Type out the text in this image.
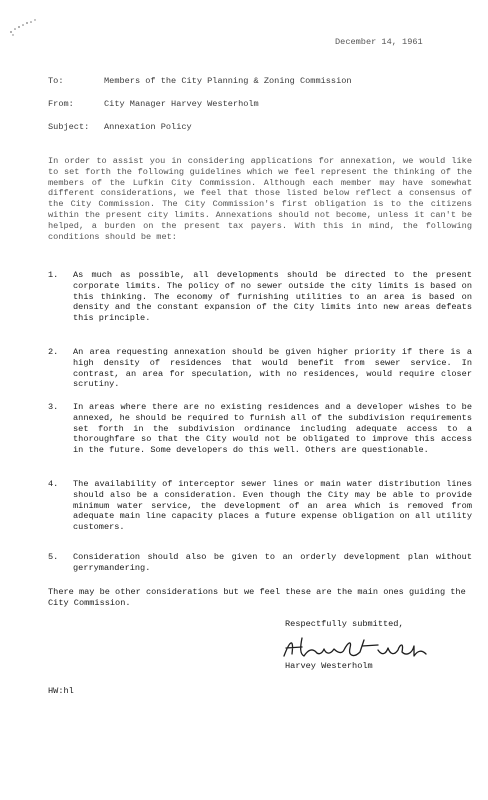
December 14, 1961
To:	Members of the City Planning & Zoning Commission
From:	City Manager Harvey Westerholm
Subject: Annexation Policy
In order to assist you in considering applications for annexation, we would like to set forth the following guidelines which we feel represent the thinking of the members of the Lufkin City Commission. Although each member may have somewhat different considerations, we feel that those listed below reflect a consensus of the City Commission. The City Commission's first obligation is to the citizens within the present city limits. Annexations should not become, unless it can't be helped, a burden on the present tax payers. With this in mind, the following conditions should be met:
1.	As much as possible, all developments should be directed to the present corporate limits. The policy of no sewer outside the city limits is based on this thinking. The economy of furnishing utilities to an area is based on density and the constant expansion of the City limits into new areas defeats this principle.
2.	An area requesting annexation should be given higher priority if there is a high density of residences that would benefit from sewer service. In contrast, an area for speculation, with no residences, would require closer scrutiny.
3.	In areas where there are no existing residences and a developer wishes to be annexed, he should be required to furnish all of the subdivision requirements set forth in the subdivision ordinance including adequate access to a thoroughfare so that the City would not be obligated to improve this access in the future. Some developers do this well. Others are questionable.
4.	The availability of interceptor sewer lines or main water distribution lines should also be a consideration. Even though the City may be able to provide minimum water service, the development of an area which is removed from adequate main line capacity places a future expense obligation on all utility customers.
5.	Consideration should also be given to an orderly development plan without gerrymandering.
There may be other considerations but we feel these are the main ones guiding the City Commission.
Respectfully submitted,
Harvey Westerholm
HW:hl
